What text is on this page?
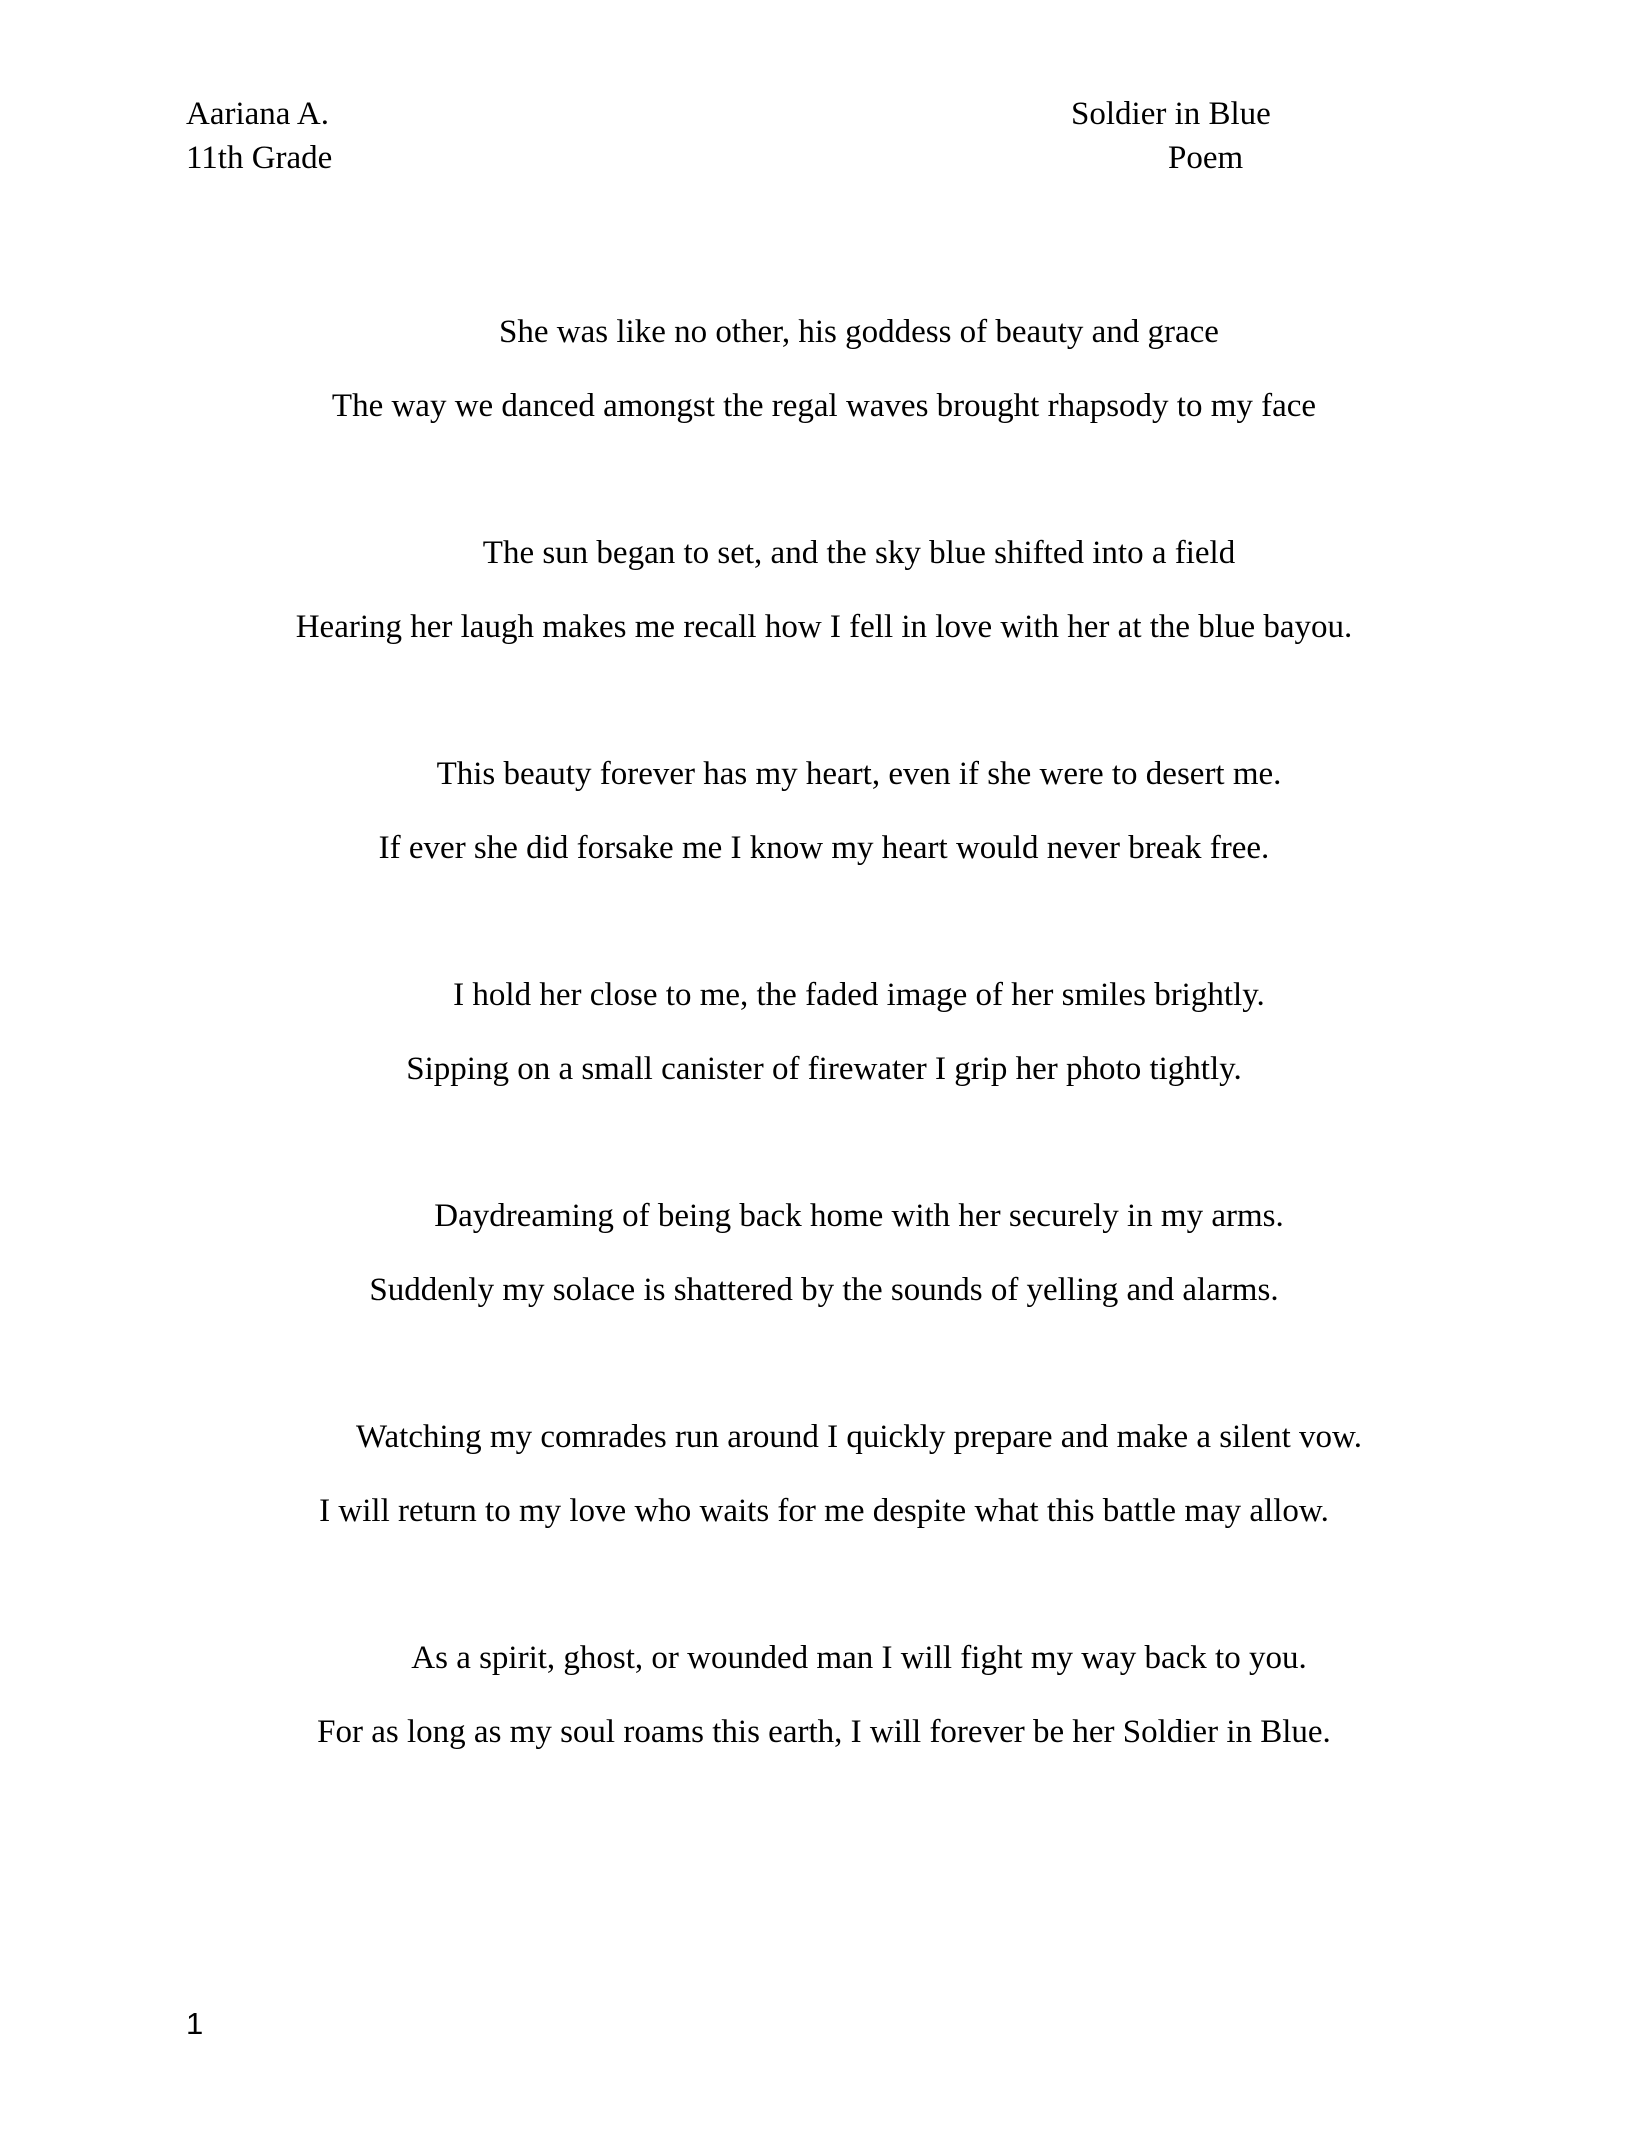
Aariana A.
11th Grade
Soldier in Blue
Poem
She was like no other, his goddess of beauty and grace
The way we danced amongst the regal waves brought rhapsody to my face
The sun began to set, and the sky blue shifted into a field
Hearing her laugh makes me recall how I fell in love with her at the blue bayou.
This beauty forever has my heart, even if she were to desert me.
If ever she did forsake me I know my heart would never break free.
I hold her close to me, the faded image of her smiles brightly.
Sipping on a small canister of firewater I grip her photo tightly.
Daydreaming of being back home with her securely in my arms.
Suddenly my solace is shattered by the sounds of yelling and alarms.
Watching my comrades run around I quickly prepare and make a silent vow.
I will return to my love who waits for me despite what this battle may allow.
As a spirit, ghost, or wounded man I will fight my way back to you.
For as long as my soul roams this earth, I will forever be her Soldier in Blue.
1
